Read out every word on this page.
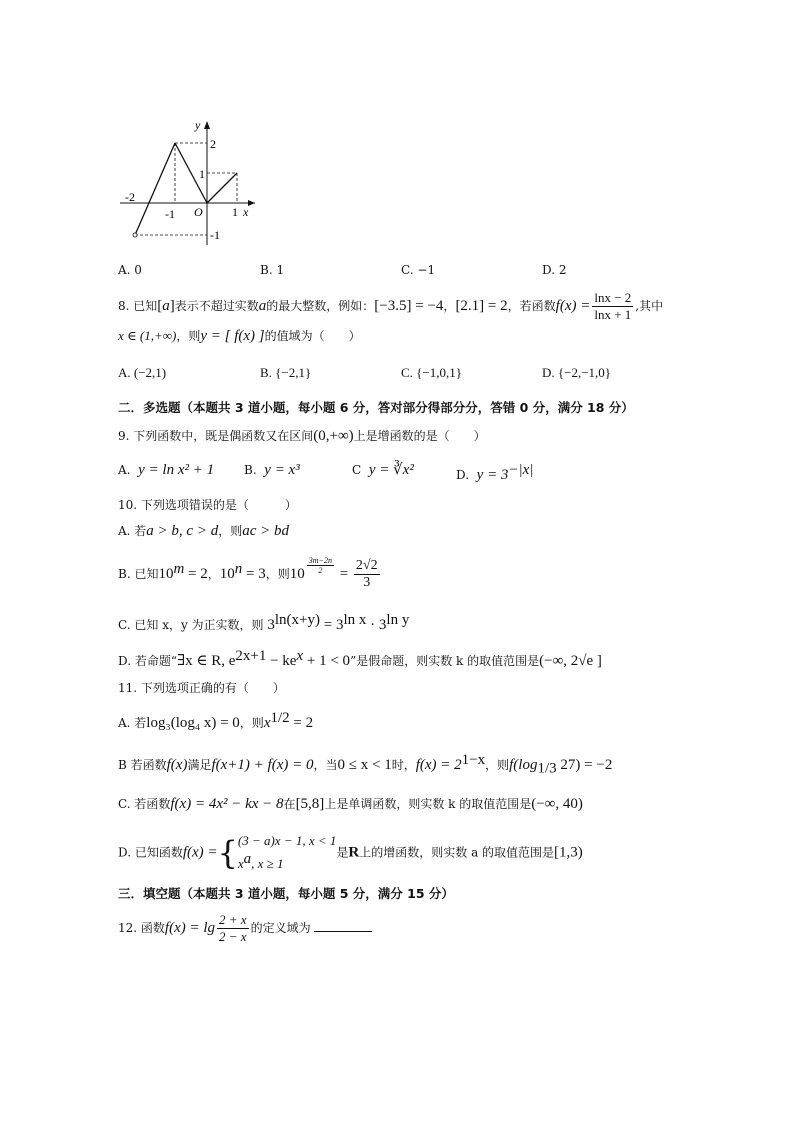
y
x
O
2
1
-1
-2
-1	1
A. 0	B. 1	C. −1	D. 2
8. 已知[a]表示不超过实数a的最大整数，例如：[−3.5] = −4，[2.1] = 2，若函数$f(x) = \frac{\ln x - 2}{\ln x + 1}$ ,其中
x ∈ (1,+∞)，则y = [ f(x) ]的值域为（　　）
A. (−2,1)	B. {−2,1}	C. {−1,0,1}	D. {−2,−1,0}
二．多选题（本题共 3 道小题，每小题 6 分，答对部分得部分分，答错 0 分，满分 18 分）
9. 下列函数中，既是偶函数又在区间(0,+∞)上是增函数的是（　　）
A. y = ln x² + 1 B. y = x³	C y = ∛x²	D. $y = 3^{-|x|}$
10. 下列选项错误的是（　　　）
A. 若a > b, c > d，则ac > bd
B. 已知$10^m = 2$，$10^n = 3$，则$10 \frac{3m-2n}{2} = \frac{2√2}{3}$
C. 已知 x，y 为正实数，则 $3^{ln(x+y)} = 3^{ln x} \cdot 3^{ln y}$
D. 若命题“∃x ∈ R, $e^{2x+1} - ke^x + 1 < 0$”是假命题，则实数 k 的取值范围是(−∞, 2√e ]
11. 下列选项正确的有（　　）
A. 若log₃(log₄ x) = 0，则$x^{1/2} = 2$
B 若函数f(x)满足f(x+1) + f(x) = 0，当0 ≤ x < 1时，$f(x) = 2^{1-x}$，则$f(\log_{1/3}$ 27) = −2
C. 若函数f(x) = 4x² − kx − 8在[5,8]上是单调函数，则实数 k 的取值范围是(−∞, 40)
D. 已知函数f(x) ={ (3 − a)x − 1, x < 1
$x^a$, x ≥ 1
是R上的增函数，则实数 a 的取值范围是[1,3)
三．填空题（本题共 3 道小题，每小题 5 分，满分 15 分）
12. 函数$f(x) = \lg \frac{2 + x}{2 - x}$ 的定义域为
